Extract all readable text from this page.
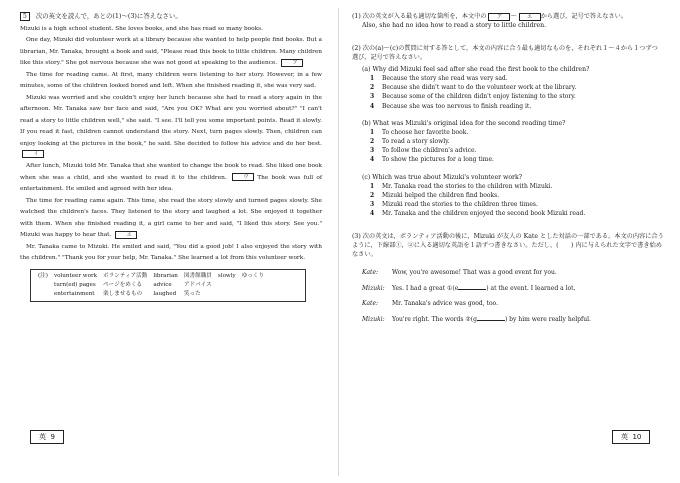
5 次の英文を読んで，あとの(1)〜(3)に答えなさい。

Mizuki is a high school student. She loves books, and she has read so many books.

One day, Mizuki did volunteer work at a library because she wanted to help people find books. But a librarian, Mr. Tanaka, brought a book and said, "Please read this book to little children. Many children like this story." She got nervous because she was not good at speaking to the audience.	ア

The time for reading came. At first, many children were listening to her story. However, in a few minutes, some of the children looked bored and left. When she finished reading it, she was very sad.

Mizuki was worried and she couldn't enjoy her lunch because she had to read a story again in the afternoon. Mr. Tanaka saw her face and said, "Are you OK? What are you worried about?" "I can't read a story to little children well," she said. "I see. I'll tell you some important points. Read it slowly. If you read it fast, children cannot understand the story. Next, turn pages slowly. Then, children can enjoy looking at the pictures in the book," he said. She decided to follow his advice and do her best. イ

After lunch, Mizuki told Mr. Tanaka that she wanted to change the book to read. She liked one book when she was a child, and she wanted to read it to the children.	ウ The book was full of entertainment. He smiled and agreed with her idea.

The time for reading came again. This time, she read the story slowly and turned pages slowly. She watched the children's faces. They listened to the story and laughed a lot. She enjoyed it together with them. When she finished reading it, a girl came to her and said, "I liked this story. See you." Mizuki was happy to hear that.	エ

Mr. Tanaka came to Mizuki. He smiled and said, "You did a good job! I also enjoyed the story with the children." "Thank you for your help, Mr. Tanaka." She learned a lot from this volunteer work.

(注)	volunteer work	ボランティア活動	librarian	図書館職員	slowly	ゆっくり
	turn(ed) pages	ページをめくる	advice	アドバイス		
	entertainment	楽しませるもの	laughed	笑った		
英 9
(1) 次の英文が入る最も適切な箇所を，本文中の ア 〜 エ から選び，記号で答えなさい。
Also, she had no idea how to read a story to little children.
(2) 次の(a)〜(c)の質問に対する答として，本文の内容に合う最も適切なものを，それぞれ１〜４から１つずつ選び，記号で答えなさい。
(a) Why did Mizuki feel sad after she read the first book to the children?
1 Because the story she read was very sad.
2 Because she didn't want to do the volunteer work at the library.
3 Because some of the children didn't enjoy listening to the story.
4 Because she was too nervous to finish reading it.
(b) What was Mizuki's original idea for the second reading time?
1 To choose her favorite book.
2 To read a story slowly.
3 To follow the children's advice.
4 To show the pictures for a long time.
(c) Which was true about Mizuki's volunteer work?
1 Mr. Tanaka read the stories to the children with Mizuki.
2 Mizuki helped the children find books.
3 Mizuki read the stories to the children three times.
4 Mr. Tanaka and the children enjoyed the second book Mizuki read.
(3) 次の英文は，ボランティア活動の後に，Mizuki が友人の Kate とした対話の一部である。本文の内容に合うように，下線部①，②に入る適切な英語を１語ずつ書きなさい。ただし，(　　) 内に与えられた文字で書き始めなさい。
Kate:	Wow, you're awesome! That was a good event for you.
Mizuki:	Yes. I had a great ①(e	) at the event. I learned a lot.
Kate:	Mr. Tanaka's advice was good, too.
Mizuki:	You're right. The words ②(g	) by him were really helpful.
英 10
